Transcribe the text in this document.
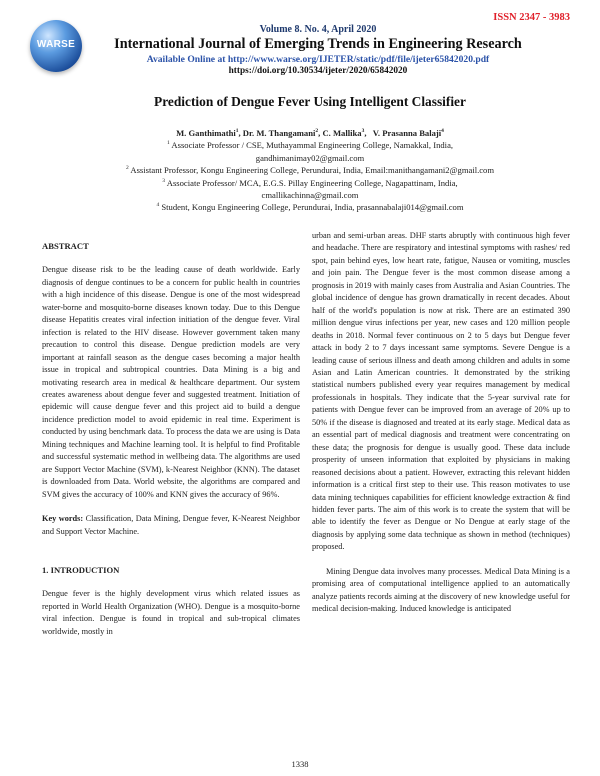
ISSN 2347 - 3983
WARSE
Volume 8. No. 4, April 2020
International Journal of Emerging Trends in Engineering Research
Available Online at http://www.warse.org/IJETER/static/pdf/file/ijeter65842020.pdf
https://doi.org/10.30534/ijeter/2020/65842020
Prediction of Dengue Fever Using Intelligent Classifier
M. Ganthimathi$^1$, Dr. M. Thangamani$^2$, C. Mallika$^3$,   V. Prasanna Balaji$^4$
$^1$ Associate Professor / CSE, Muthayammal Engineering College, Namakkal, India,
gandhimanimay02@gmail.com
$^2$ Assistant Professor, Kongu Engineering College, Perundurai, India, Email:manithangamani2@gmail.com
$^3$ Associate Professor/ MCA, E.G.S. Pillay Engineering College, Nagapattinam, India,
cmallikachinna@gmail.com
$^4$ Student, Kongu Engineering College, Perundurai, India, prasannabalaji014@gmail.com
ABSTRACT

Dengue disease risk to be the leading cause of death worldwide. Early diagnosis of dengue continues to be a concern for public health in countries with a high incidence of this disease. Dengue is one of the most widespread water-borne and mosquito-borne diseases known today. Due to this Dengue disease Hepatitis creates viral infection initiation of the dengue fever. Viral infection is related to the HIV disease. However government taken many precaution to control this disease. Dengue prediction models are very important at rainfall season as the dengue cases becoming a major health issue in tropical and subtropical countries. Data Mining is a big and motivating research area in medical & healthcare department. Our system creates awareness about dengue fever and suggested treatment. Initiation of epidemic will cause dengue fever and this project aid to build a dengue incidence prediction model to avoid epidemic in real time. Experiment is conducted by using benchmark data. To process the data we are using is Data Mining techniques and Machine learning tool. It is helpful to find Profitable and successful systematic method in wellbeing data. The algorithms are used are Support Vector Machine (SVM), k-Nearest Neighbor (KNN). The dataset is downloaded from Data. World website, the algorithms are compared and SVM gives the accuracy of 100% and KNN gives the accuracy of 96%.

Key words: Classification, Data Mining, Dengue fever, K-Nearest Neighbor and Support Vector Machine.

1. INTRODUCTION

Dengue fever is the highly development virus which related issues as reported in World Health Organization (WHO). Dengue is a mosquito-borne viral infection. Dengue is found in tropical and sub-tropical climates worldwide, mostly in

urban and semi-urban areas. DHF starts abruptly with continuous high fever and headache. There are respiratory and intestinal symptoms with rashes/ red spot, pain behind eyes, low heart rate, fatigue, Nausea or vomiting, muscles and join pain. The Dengue fever is the most common disease among a prognosis in 2019 with mainly cases from Australia and Asian Countries. The global incidence of dengue has grown dramatically in recent decades. About half of the world's population is now at risk. There are an estimated 390 million dengue virus infections per year, new cases and 120 million people deaths in 2018. Normal fever continuous on 2 to 5 days but Dengue fever attack in body 2 to 7 days incessant same symptoms. Severe Dengue is a leading cause of serious illness and death among children and adults in some Asian and Latin American countries. It demonstrated by the striking statistical numbers published every year requires management by medical professionals in hospitals. They indicate that the 5-year survival rate for patients with Dengue fever can be improved from an average of 20% up to 50% if the disease is diagnosed and treated at its early stage. Medical data as an essential part of medical diagnosis and treatment were concentrating on these data; the prognosis for dengue is usually good. These data include prosperity of unseen information that exploited by physicians in making reasoned decisions about a patient. However, extracting this relevant hidden information is a critical first step to their use. This reason motivates to use data mining techniques capabilities for efficient knowledge extraction & find hidden fever parts. The aim of this work is to create the system that will be able to identify the fever as Dengue or No Dengue at early stage of the diagnosis by applying some data technique as shown in method (techniques) proposed.

Mining Dengue data involves many processes. Medical Data Mining is a promising area of computational intelligence applied to an automatically analyze patients records aiming at the discovery of new knowledge useful for medical decision-making. Induced knowledge is anticipated

1338
